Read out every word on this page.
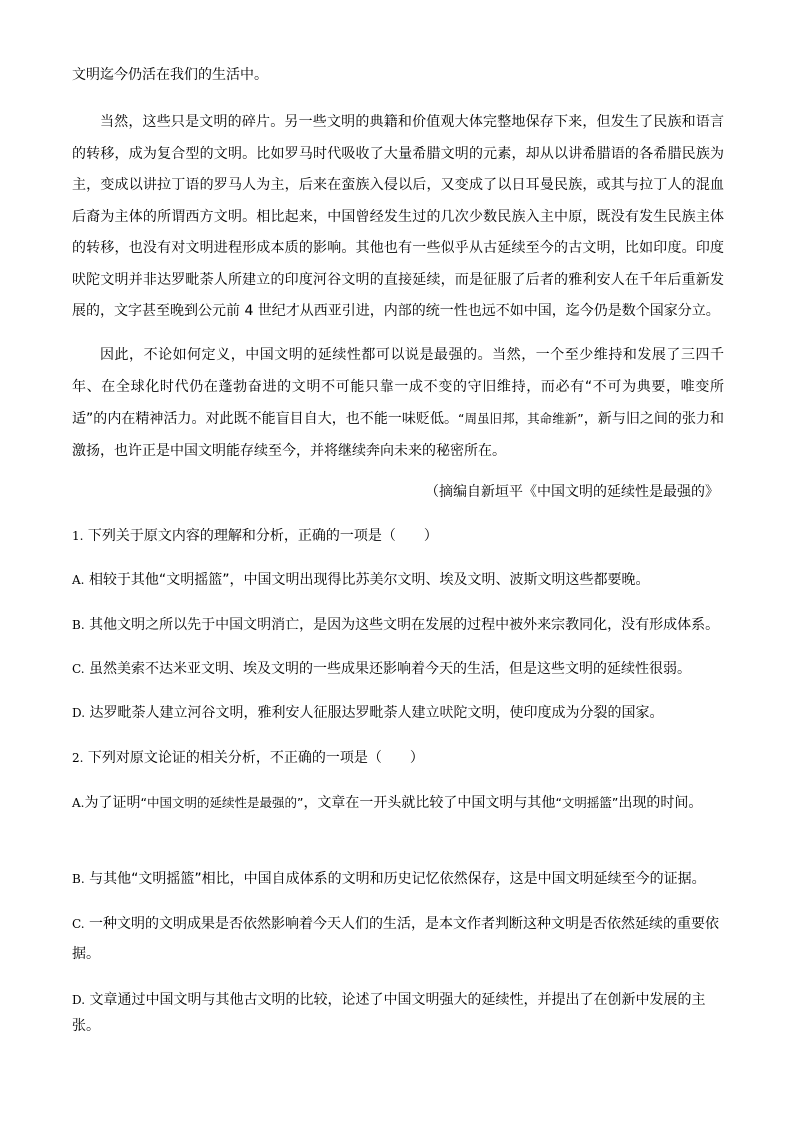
文明迄今仍活在我们的生活中。

当然，这些只是文明的碎片。另一些文明的典籍和价值观大体完整地保存下来，但发生了民族和语言的转移，成为复合型的文明。比如罗马时代吸收了大量希腊文明的元素，却从以讲希腊语的各希腊民族为主，变成以讲拉丁语的罗马人为主，后来在蛮族入侵以后，又变成了以日耳曼民族，或其与拉丁人的混血后裔为主体的所谓西方文明。相比起来，中国曾经发生过的几次少数民族入主中原，既没有发生民族主体的转移，也没有对文明进程形成本质的影响。其他也有一些似乎从古延续至今的古文明，比如印度。印度吠陀文明并非达罗毗荼人所建立的印度河谷文明的直接延续，而是征服了后者的雅利安人在千年后重新发展的，文字甚至晚到公元前 4 世纪才从西亚引进，内部的统一性也远不如中国，迄今仍是数个国家分立。

因此，不论如何定义，中国文明的延续性都可以说是最强的。当然，一个至少维持和发展了三四千年、在全球化时代仍在蓬勃奋进的文明不可能只靠一成不变的守旧维持，而必有“不可为典要，唯变所适”的内在精神活力。对此既不能盲目自大，也不能一味贬低。“周虽旧邦，其命维新”，新与旧之间的张力和激扬，也许正是中国文明能存续至今，并将继续奔向未来的秘密所在。

（摘编自新垣平《中国文明的延续性是最强的》

1. 下列关于原文内容的理解和分析，正确的一项是（ ）

A. 相较于其他“文明摇篮”，中国文明出现得比苏美尔文明、埃及文明、波斯文明这些都要晚。

B. 其他文明之所以先于中国文明消亡，是因为这些文明在发展的过程中被外来宗教同化，没有形成体系。

C. 虽然美索不达米亚文明、埃及文明的一些成果还影响着今天的生活，但是这些文明的延续性很弱。

D. 达罗毗荼人建立河谷文明，雅利安人征服达罗毗荼人建立吠陀文明，使印度成为分裂的国家。

2. 下列对原文论证的相关分析，不正确的一项是（ ）

A.为了证明“中国文明的延续性是最强的”，文章在一开头就比较了中国文明与其他“文明摇篮”出现的时间。

B. 与其他“文明摇篮”相比，中国自成体系的文明和历史记忆依然保存，这是中国文明延续至今的证据。

C. 一种文明的文明成果是否依然影响着今天人们的生活，是本文作者判断这种文明是否依然延续的重要依据。

D. 文章通过中国文明与其他古文明的比较，论述了中国文明强大的延续性，并提出了在创新中发展的主张。
